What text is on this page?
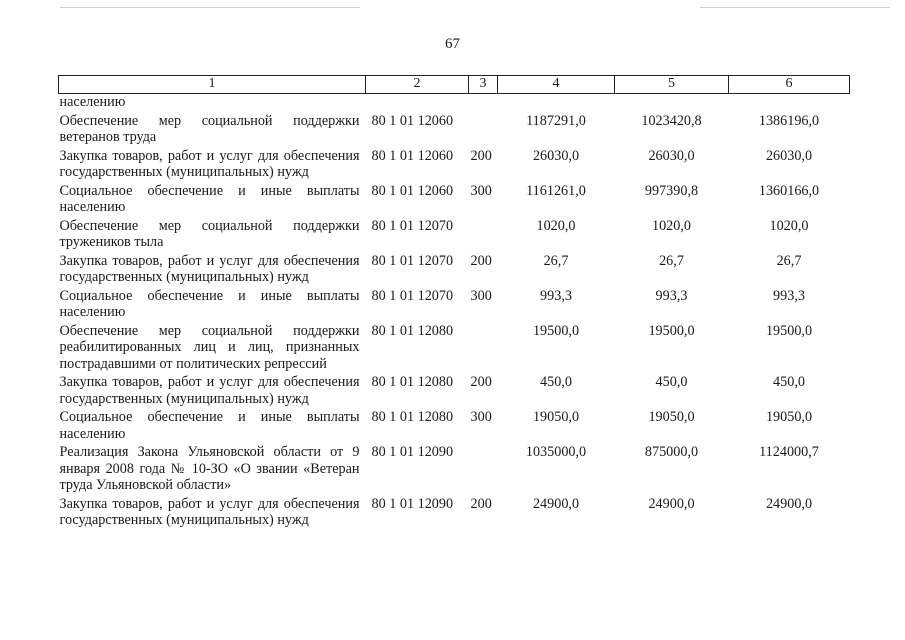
67
1	2	3	4	5	6
населению					
Обеспечение мер социальной поддержки ветеранов труда	80 1 01 12060		1187291,0	1023420,8	1386196,0
Закупка товаров, работ и услуг для обеспечения государственных (муниципальных) нужд	80 1 01 12060	200	26030,0	26030,0	26030,0
Социальное обеспечение и иные выплаты населению	80 1 01 12060	300	1161261,0	997390,8	1360166,0
Обеспечение мер социальной поддержки тружеников тыла	80 1 01 12070		1020,0	1020,0	1020,0
Закупка товаров, работ и услуг для обеспечения государственных (муниципальных) нужд	80 1 01 12070	200	26,7	26,7	26,7
Социальное обеспечение и иные выплаты населению	80 1 01 12070	300	993,3	993,3	993,3
Обеспечение мер социальной поддержки реабилитированных лиц и лиц, признанных пострадавшими от политических репрессий	80 1 01 12080		19500,0	19500,0	19500,0
Закупка товаров, работ и услуг для обеспечения государственных (муниципальных) нужд	80 1 01 12080	200	450,0	450,0	450,0
Социальное обеспечение и иные выплаты населению	80 1 01 12080	300	19050,0	19050,0	19050,0
Реализация Закона Ульяновской области от 9 января 2008 года № 10-ЗО «О звании «Ветеран труда Ульяновской области»	80 1 01 12090		1035000,0	875000,0	1124000,7
Закупка товаров, работ и услуг для обеспечения государственных (муниципальных) нужд	80 1 01 12090	200	24900,0	24900,0	24900,0
